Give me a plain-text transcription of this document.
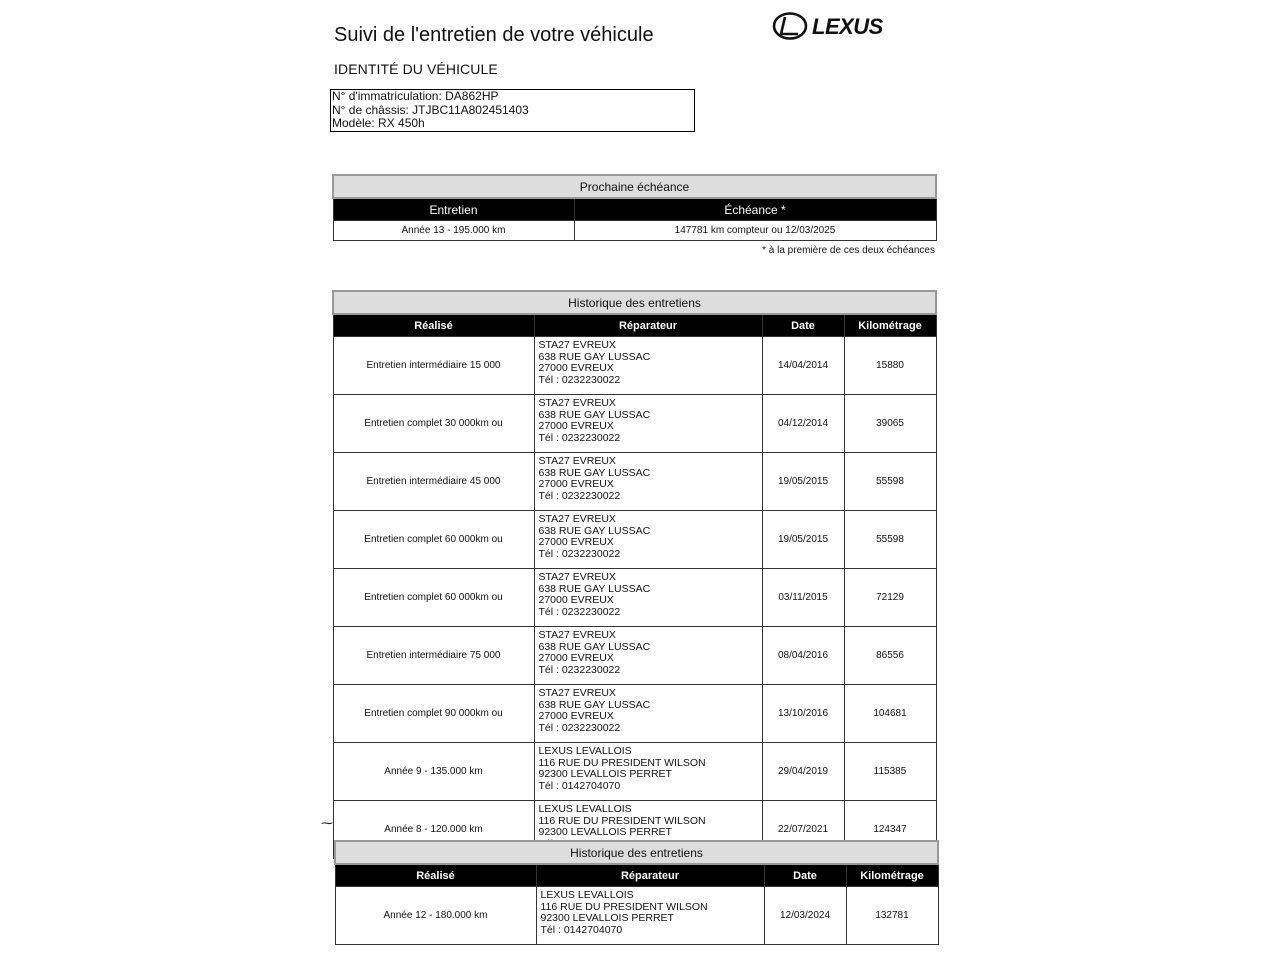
Suivi de l'entretien de votre véhicule
IDENTITÉ DU VÉHICULE
LEXUS
N° d'immatriculation: DA862HP
N° de châssis: JTJBC11A802451403
Modèle: RX 450h
Prochaine échéance	
Entretien	Échéance *
Année 13 - 195.000 km	147781 km compteur ou 12/03/2025
* à la première de ces deux échéances
Historique des entretiens			
Réalisé	Réparateur	Date	Kilométrage
Entretien intermédiaire 15 000	STA27 EVREUX
638 RUE GAY LUSSAC
27000 EVREUX
Tél : 0232230022	14/04/2014	15880
Entretien complet 30 000km ou	STA27 EVREUX
638 RUE GAY LUSSAC
27000 EVREUX
Tél : 0232230022	04/12/2014	39065
Entretien intermédiaire 45 000	STA27 EVREUX
638 RUE GAY LUSSAC
27000 EVREUX
Tél : 0232230022	19/05/2015	55598
Entretien complet 60 000km ou	STA27 EVREUX
638 RUE GAY LUSSAC
27000 EVREUX
Tél : 0232230022	19/05/2015	55598
Entretien complet 60 000km ou	STA27 EVREUX
638 RUE GAY LUSSAC
27000 EVREUX
Tél : 0232230022	03/11/2015	72129
Entretien intermédiaire 75 000	STA27 EVREUX
638 RUE GAY LUSSAC
27000 EVREUX
Tél : 0232230022	08/04/2016	86556
Entretien complet 90 000km ou	STA27 EVREUX
638 RUE GAY LUSSAC
27000 EVREUX
Tél : 0232230022	13/10/2016	104681
Année 9 - 135.000 km	LEXUS LEVALLOIS
116 RUE DU PRESIDENT WILSON
92300 LEVALLOIS PERRET
Tél : 0142704070	29/04/2019	115385
Année 8 - 120.000 km	LEXUS LEVALLOIS
116 RUE DU PRESIDENT WILSON
92300 LEVALLOIS PERRET	22/07/2021	124347
⁓
Historique des entretiens			
Réalisé	Réparateur	Date	Kilométrage
Année 12 - 180.000 km	LEXUS LEVALLOIS
116 RUE DU PRESIDENT WILSON
92300 LEVALLOIS PERRET
Tél : 0142704070	12/03/2024	132781
